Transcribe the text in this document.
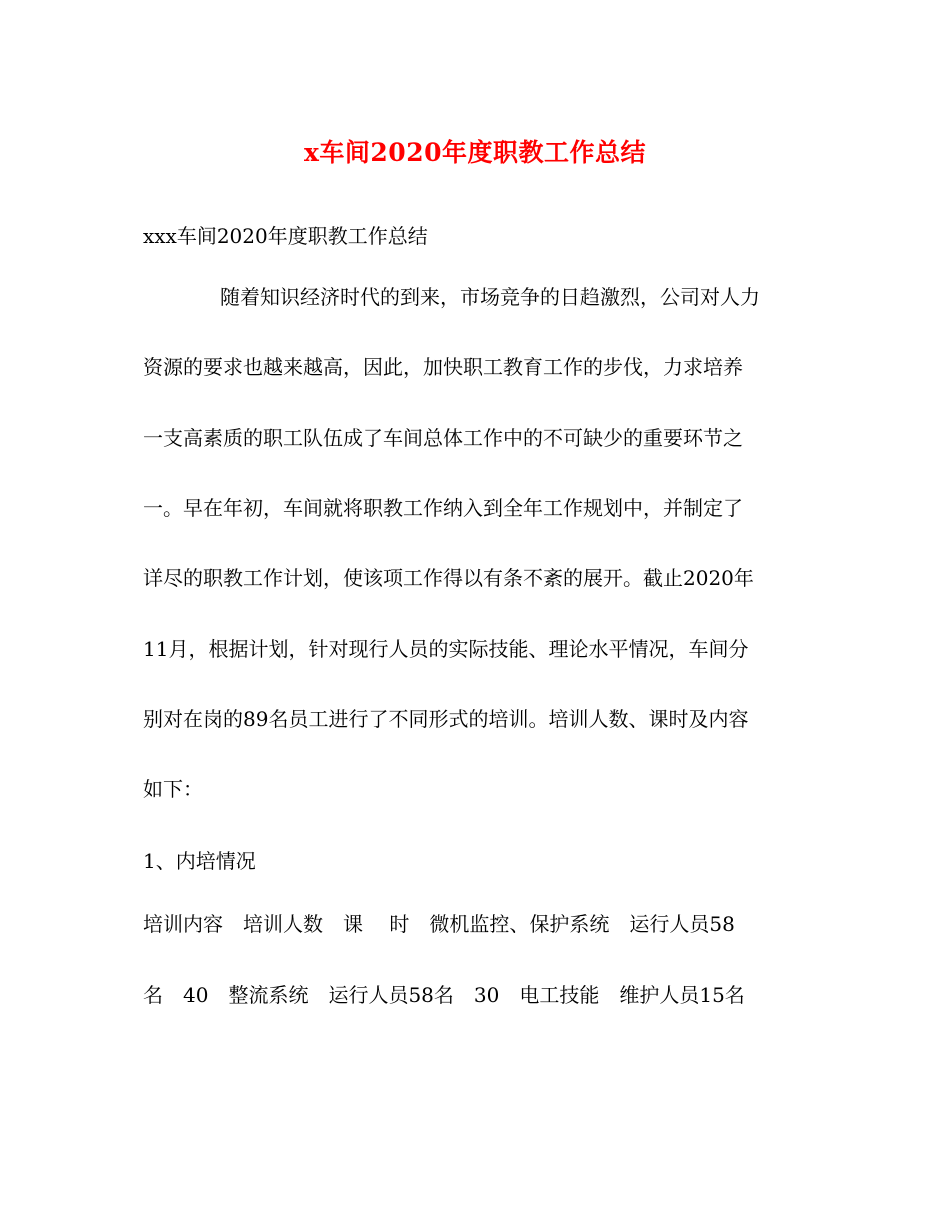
x车间2020年度职教工作总结
xxx车间2020年度职教工作总结
随着知识经济时代的到来，市场竞争的日趋激烈，公司对人力
资源的要求也越来越高，因此，加快职工教育工作的步伐，力求培养
一支高素质的职工队伍成了车间总体工作中的不可缺少的重要环节之
一。早在年初，车间就将职教工作纳入到全年工作规划中，并制定了
详尽的职教工作计划，使该项工作得以有条不紊的展开。截止2020年
11月，根据计划，针对现行人员的实际技能、理论水平情况，车间分
别对在岗的89名员工进行了不同形式的培训。培训人数、课时及内容
如下：
1、内培情况
培训内容　培训人数　课　 时　微机监控、保护系统　运行人员58
名　40　整流系统　运行人员58名　30　电工技能　维护人员15名
